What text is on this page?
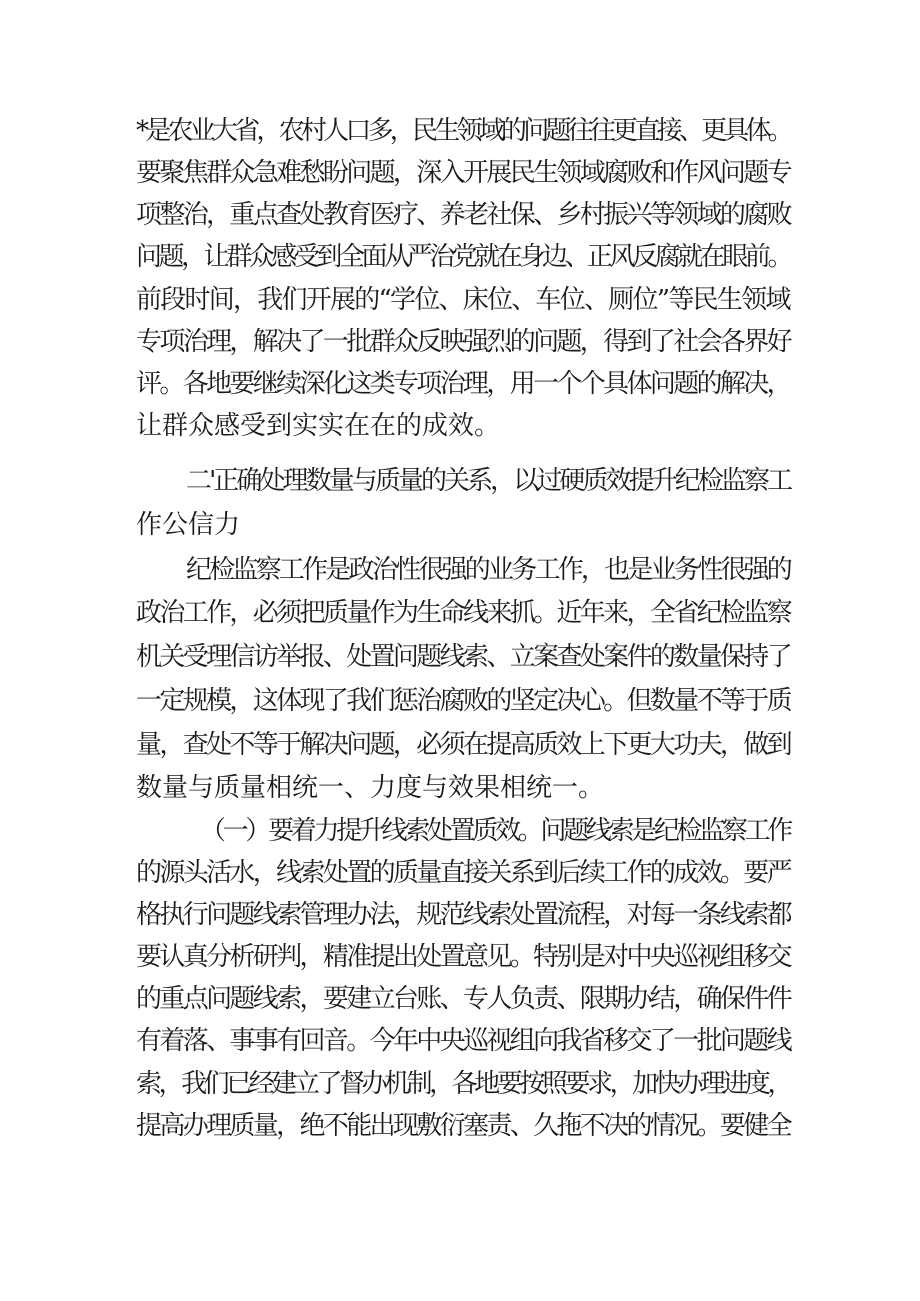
*是农业大省，农村人口多，民生领域的问题往往更直接、更具体。
要聚焦群众急难愁盼问题，深入开展民生领域腐败和作风问题专
项整治，重点查处教育医疗、养老社保、乡村振兴等领域的腐败
问题，让群众感受到全面从严治党就在身边、正风反腐就在眼前。
前段时间，我们开展的“学位、床位、车位、厕位”等民生领域
专项治理，解决了一批群众反映强烈的问题，得到了社会各界好
评。各地要继续深化这类专项治理，用一个个具体问题的解决，
让群众感受到实实在在的成效。
二'正确处理数量与质量的关系，以过硬质效提升纪检监察工
作公信力
纪检监察工作是政治性很强的业务工作，也是业务性很强的
政治工作，必须把质量作为生命线来抓。近年来，全省纪检监察
机关受理信访举报、处置问题线索、立案查处案件的数量保持了
一定规模，这体现了我们惩治腐败的坚定决心。但数量不等于质
量，查处不等于解决问题，必须在提高质效上下更大功夫，做到
数量与质量相统一、力度与效果相统一。
（一）要着力提升线索处置质效。问题线索是纪检监察工作
的源头活水，线索处置的质量直接关系到后续工作的成效。要严
格执行问题线索管理办法，规范线索处置流程，对每一条线索都
要认真分析研判，精准提出处置意见。特别是对中央巡视组移交
的重点问题线索，要建立台账、专人负责、限期办结，确保件件
有着落、事事有回音。今年中央巡视组向我省移交了一批问题线
索，我们已经建立了督办机制，各地要按照要求，加快办理进度，
提高办理质量，绝不能出现敷衍塞责、久拖不决的情况。要健全
